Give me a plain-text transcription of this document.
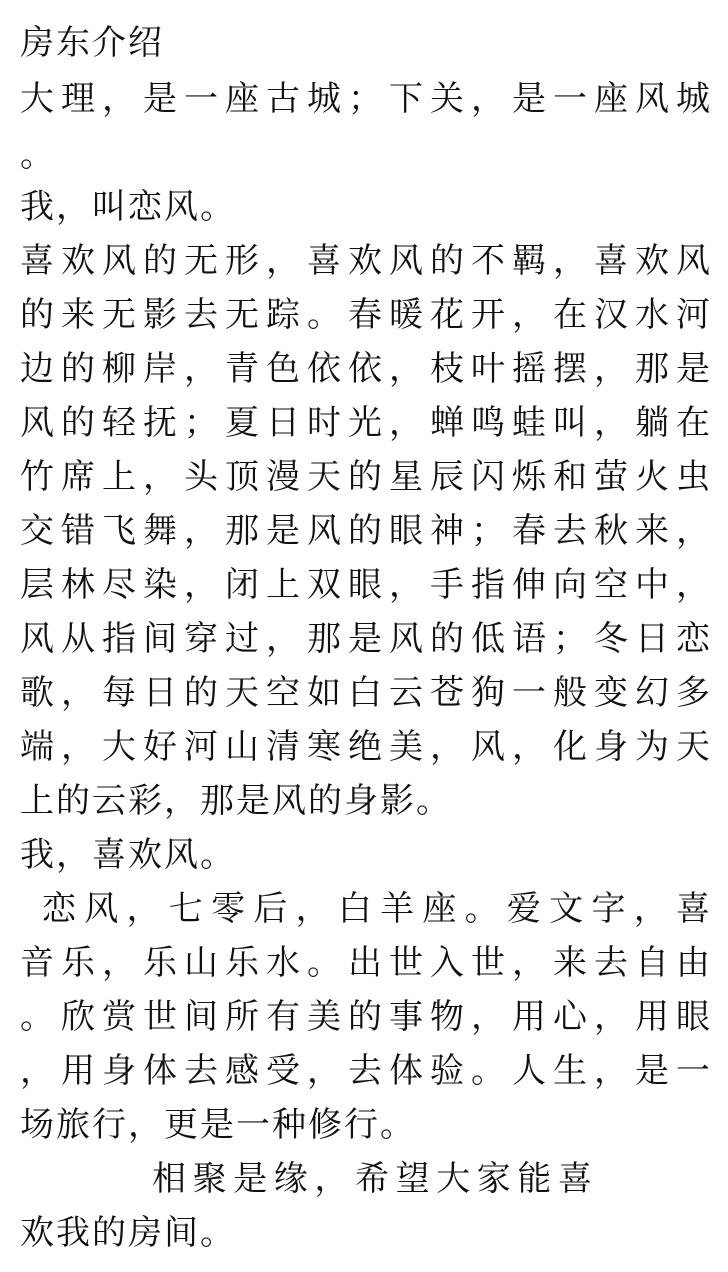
房东介绍
大理，是一座古城；下关，是一座风城
。
我，叫恋风。
喜欢风的无形，喜欢风的不羁，喜欢风
的来无影去无踪。春暖花开，在汉水河
边的柳岸，青色依依，枝叶摇摆，那是
风的轻抚；夏日时光，蝉鸣蛙叫，躺在
竹席上，头顶漫天的星辰闪烁和萤火虫
交错飞舞，那是风的眼神；春去秋来，
层林尽染，闭上双眼，手指伸向空中，
风从指间穿过，那是风的低语；冬日恋
歌，每日的天空如白云苍狗一般变幻多
端，大好河山清寒绝美，风，化身为天
上的云彩，那是风的身影。
我，喜欢风。
恋风，七零后，白羊座。爱文字，喜
音乐，乐山乐水。出世入世，来去自由
。欣赏世间所有美的事物，用心，用眼
，用身体去感受，去体验。人生，是一
场旅行，更是一种修行。
相聚是缘，希望大家能喜
欢我的房间。
